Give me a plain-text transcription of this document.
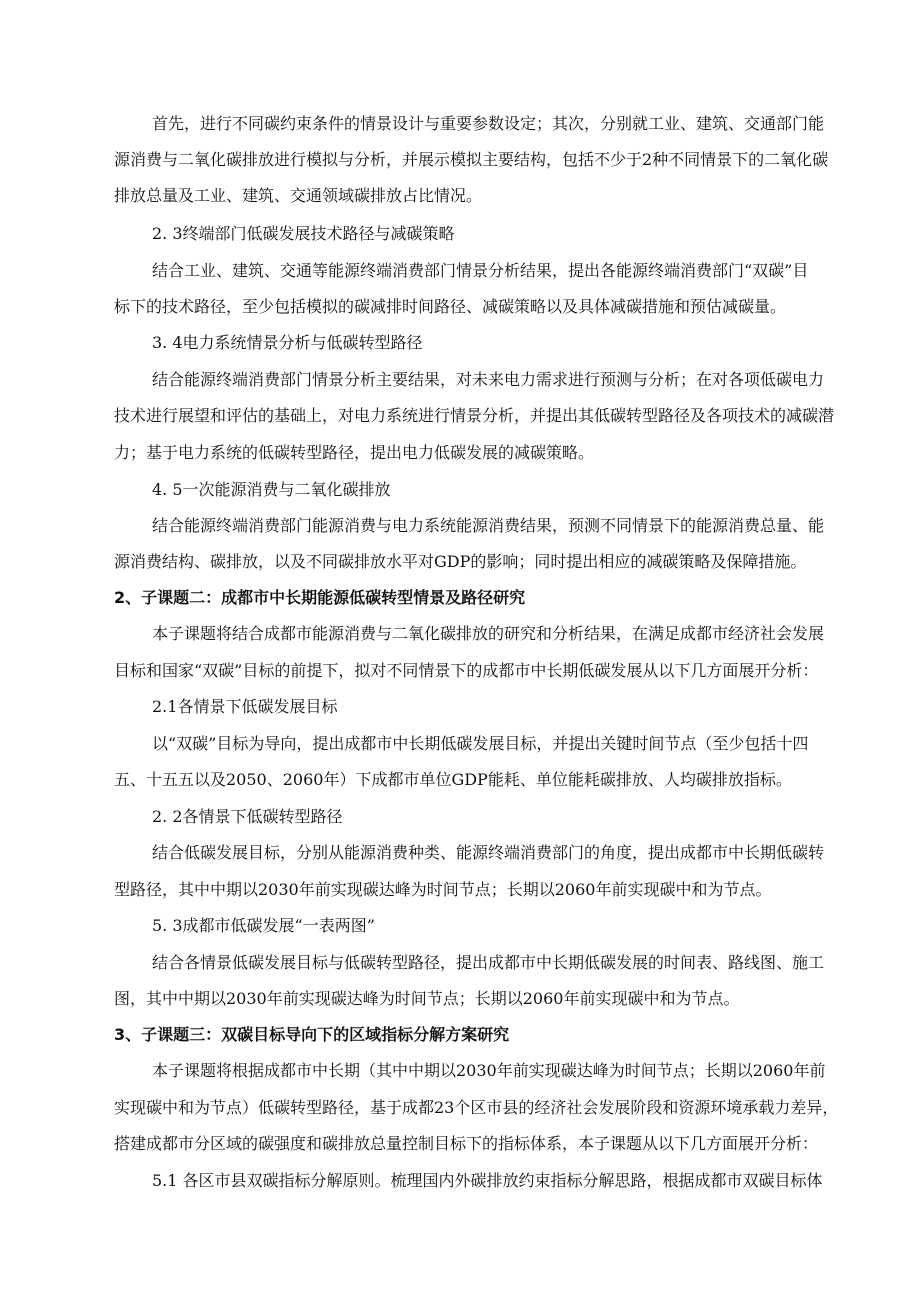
首先，进行不同碳约束条件的情景设计与重要参数设定；其次，分别就工业、建筑、交通部门能
源消费与二氧化碳排放进行模拟与分析，并展示模拟主要结构，包括不少于2种不同情景下的二氧化碳
排放总量及工业、建筑、交通领域碳排放占比情况。
2. 3终端部门低碳发展技术路径与减碳策略
结合工业、建筑、交通等能源终端消费部门情景分析结果，提出各能源终端消费部门“双碳”目
标下的技术路径，至少包括模拟的碳减排时间路径、减碳策略以及具体减碳措施和预估减碳量。
3. 4电力系统情景分析与低碳转型路径
结合能源终端消费部门情景分析主要结果，对未来电力需求进行预测与分析；在对各项低碳电力
技术进行展望和评估的基础上，对电力系统进行情景分析，并提出其低碳转型路径及各项技术的减碳潜
力；基于电力系统的低碳转型路径，提出电力低碳发展的减碳策略。
4. 5一次能源消费与二氧化碳排放
结合能源终端消费部门能源消费与电力系统能源消费结果，预测不同情景下的能源消费总量、能
源消费结构、碳排放，以及不同碳排放水平对GDP的影响；同时提出相应的减碳策略及保障措施。
2、子课题二：成都市中长期能源低碳转型情景及路径研究
本子课题将结合成都市能源消费与二氧化碳排放的研究和分析结果，在满足成都市经济社会发展
目标和国家“双碳”目标的前提下，拟对不同情景下的成都市中长期低碳发展从以下几方面展开分析：
2.1各情景下低碳发展目标
以“双碳”目标为导向，提出成都市中长期低碳发展目标，并提出关键时间节点（至少包括十四
五、十五五以及2050、2060年）下成都市单位GDP能耗、单位能耗碳排放、人均碳排放指标。
2. 2各情景下低碳转型路径
结合低碳发展目标，分别从能源消费种类、能源终端消费部门的角度，提出成都市中长期低碳转
型路径，其中中期以2030年前实现碳达峰为时间节点；长期以2060年前实现碳中和为节点。
5. 3成都市低碳发展“一表两图”
结合各情景低碳发展目标与低碳转型路径，提出成都市中长期低碳发展的时间表、路线图、施工
图，其中中期以2030年前实现碳达峰为时间节点；长期以2060年前实现碳中和为节点。
3、子课题三：双碳目标导向下的区域指标分解方案研究
本子课题将根据成都市中长期（其中中期以2030年前实现碳达峰为时间节点；长期以2060年前
实现碳中和为节点）低碳转型路径，基于成都23个区市县的经济社会发展阶段和资源环境承载力差异，
搭建成都市分区域的碳强度和碳排放总量控制目标下的指标体系，本子课题从以下几方面展开分析：
5.1 各区市县双碳指标分解原则。梳理国内外碳排放约束指标分解思路，根据成都市双碳目标体
